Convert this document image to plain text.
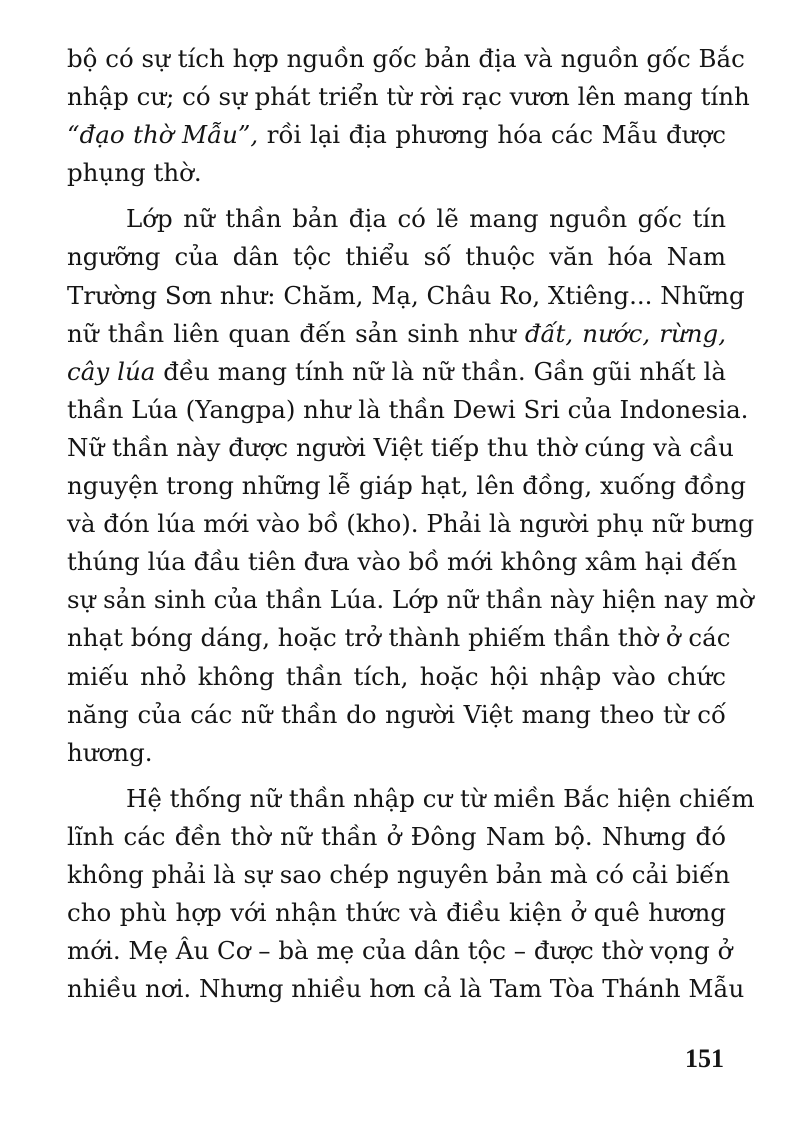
bộ có sự tích hợp nguồn gốc bản địa và nguồn gốc Bắc
nhập cư; có sự phát triển từ rời rạc vươn lên mang tính
“đạo thờ Mẫu”, rồi lại địa phương hóa các Mẫu được
phụng thờ.

Lớp nữ thần bản địa có lẽ mang nguồn gốc tín
ngưỡng của dân tộc thiểu số thuộc văn hóa Nam
Trường Sơn như: Chăm, Mạ, Châu Ro, Xtiêng... Những
nữ thần liên quan đến sản sinh như đất, nước, rừng,
cây lúa đều mang tính nữ là nữ thần. Gần gũi nhất là
thần Lúa (Yangpa) như là thần Dewi Sri của Indonesia.
Nữ thần này được người Việt tiếp thu thờ cúng và cầu
nguyện trong những lễ giáp hạt, lên đồng, xuống đồng
và đón lúa mới vào bồ (kho). Phải là người phụ nữ bưng
thúng lúa đầu tiên đưa vào bồ mới không xâm hại đến
sự sản sinh của thần Lúa. Lớp nữ thần này hiện nay mờ
nhạt bóng dáng, hoặc trở thành phiếm thần thờ ở các
miếu nhỏ không thần tích, hoặc hội nhập vào chức
năng của các nữ thần do người Việt mang theo từ cố
hương.

Hệ thống nữ thần nhập cư từ miền Bắc hiện chiếm
lĩnh các đền thờ nữ thần ở Đông Nam bộ. Nhưng đó
không phải là sự sao chép nguyên bản mà có cải biến
cho phù hợp với nhận thức và điều kiện ở quê hương
mới. Mẹ Âu Cơ – bà mẹ của dân tộc – được thờ vọng ở
nhiều nơi. Nhưng nhiều hơn cả là Tam Tòa Thánh Mẫu

151
